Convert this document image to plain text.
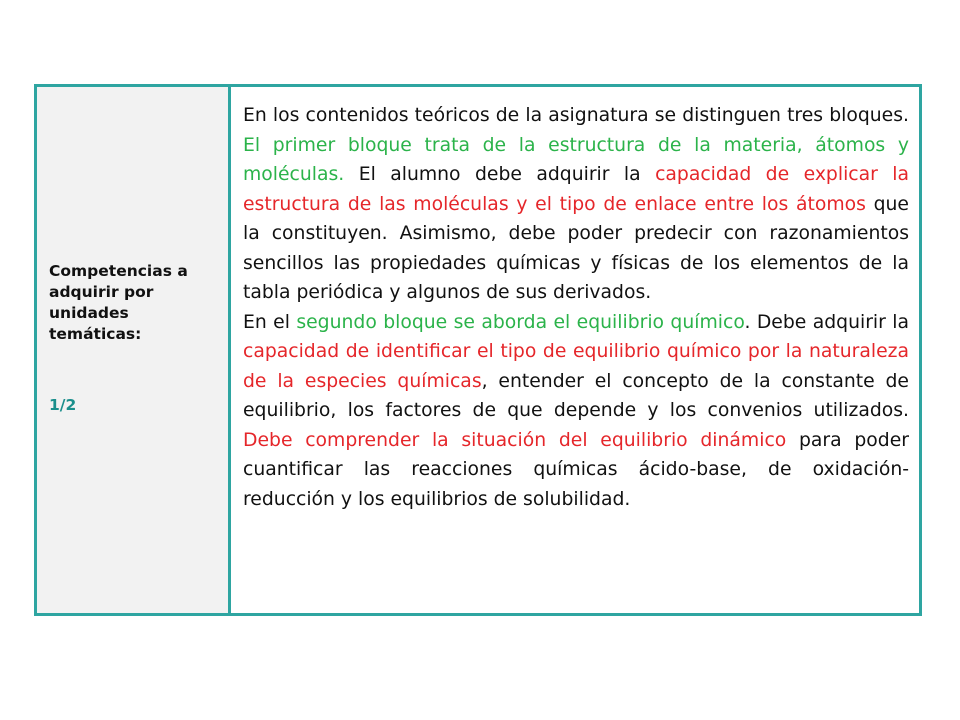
Competencias a adquirir por unidades temáticas:
1/2

En los contenidos teóricos de la asignatura se distinguen tres bloques. El primer bloque trata de la estructura de la materia, átomos y moléculas. El alumno debe adquirir la capacidad de explicar la estructura de las moléculas y el tipo de enlace entre los átomos que la constituyen. Asimismo, debe poder predecir con razonamientos sencillos las propiedades químicas y físicas de los elementos de la tabla periódica y algunos de sus derivados.

En el segundo bloque se aborda el equilibrio químico. Debe adquirir la capacidad de identificar el tipo de equilibrio químico por la naturaleza de la especies químicas, entender el concepto de la constante de equilibrio, los factores de que depende y los convenios utilizados. Debe comprender la situación del equilibrio dinámico para poder cuantificar las reacciones químicas ácido-base, de oxidación-reducción y los equilibrios de solubilidad.
